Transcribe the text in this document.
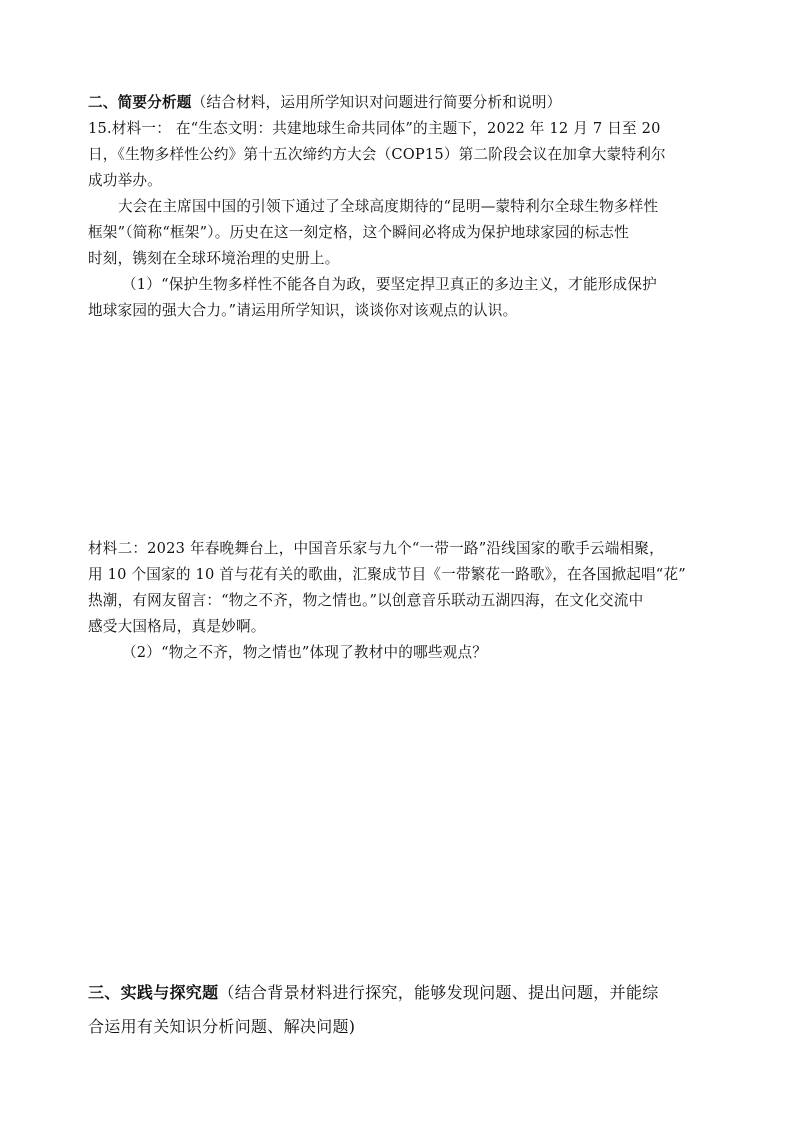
二、简要分析题（结合材料，运用所学知识对问题进行简要分析和说明）
15.材料一： 在“生态文明：共建地球生命共同体”的主题下，2022 年 12 月 7 日至 20
日，《生物多样性公约》第十五次缔约方大会（COP15）第二阶段会议在加拿大蒙特利尔
成功举办。
大会在主席国中国的引领下通过了全球高度期待的“昆明—蒙特利尔全球生物多样性
框架”（简称“框架”）。历史在这一刻定格，这个瞬间必将成为保护地球家园的标志性
时刻，镌刻在全球环境治理的史册上。
（1）“保护生物多样性不能各自为政，要坚定捍卫真正的多边主义，才能形成保护
地球家园的强大合力。”请运用所学知识，谈谈你对该观点的认识。
材料二：2023 年春晚舞台上，中国音乐家与九个“一带一路”沿线国家的歌手云端相聚，
用 10 个国家的 10 首与花有关的歌曲，汇聚成节目《一带繁花一路歌》，在各国掀起唱“花”
热潮，有网友留言：“物之不齐，物之情也。”以创意音乐联动五湖四海，在文化交流中
感受大国格局，真是妙啊。
（2）“物之不齐，物之情也”体现了教材中的哪些观点？
三、实践与探究题（结合背景材料进行探究，能够发现问题、提出问题，并能综
合运用有关知识分析问题、解决问题)
